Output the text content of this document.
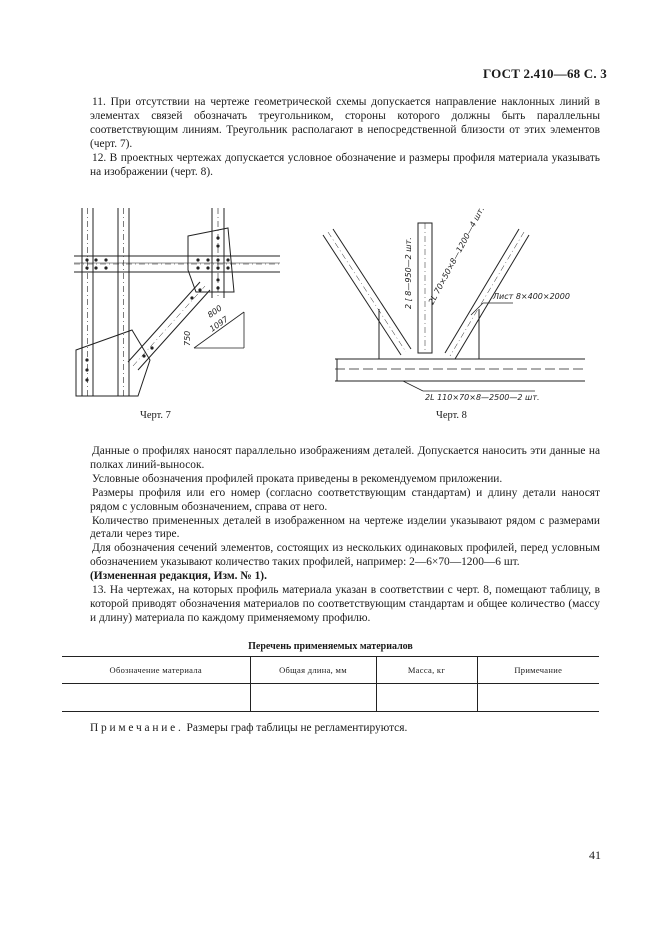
ГОСТ 2.410—68 С. 3

11. При отсутствии на чертеже геометрической схемы допускается направление наклонных линий в элементах связей обозначать треугольником, стороны которого должны быть параллельны соответствующим линиям. Треугольник располагают в непосредственной близости от этих элементов (черт. 7).

12. В проектных чертежах допускается условное обозначение и размеры профиля материала указывать на изображении (черт. 8).

800
1097
750
Черт. 7
2 [ 8—950—2 шт. 2L 70×50×8—1200—4 шт. Лист 8×400×2000
2L 110×70×8—2500—2 шт.
Черт. 8

Данные о профилях наносят параллельно изображениям деталей. Допускается наносить эти данные на полках линий-выносок.

Условные обозначения профилей проката приведены в рекомендуемом приложении.

Размеры профиля или его номер (согласно соответствующим стандартам) и длину детали наносят рядом с условным обозначением, справа от него.

Количество примененных деталей в изображенном на чертеже изделии указывают рядом с размерами детали через тире.

Для обозначения сечений элементов, состоящих из нескольких одинаковых профилей, перед условным обозначением указывают количество таких профилей, например: 2—6×70—1200—6 шт.

(Измененная редакция, Изм. № 1).

13. На чертежах, на которых профиль материала указан в соответствии с черт. 8, помещают таблицу, в которой приводят обозначения материалов по соответствующим стандартам и общее количество (массу и длину) материала по каждому применяемому профилю.

Перечень применяемых материалов
Обозначение материала	Общая длина, мм	Масса, кг	Примечание

Примечание. Размеры граф таблицы не регламентируются.
41
